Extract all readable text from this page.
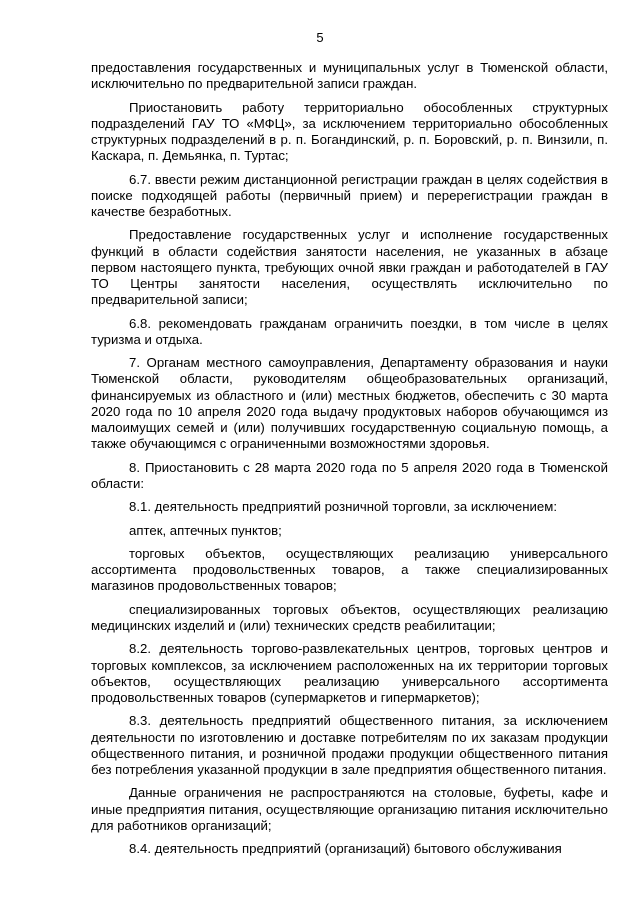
5

предоставления государственных и муниципальных услуг в Тюменской области, исключительно по предварительной записи граждан.

Приостановить работу территориально обособленных структурных подразделений ГАУ ТО «МФЦ», за исключением территориально обособленных структурных подразделений в р. п. Богандинский, р. п. Боровский, р. п. Винзили, п. Каскара, п. Демьянка, п. Туртас;

6.7. ввести режим дистанционной регистрации граждан в целях содействия в поиске подходящей работы (первичный прием) и перерегистрации граждан в качестве безработных.

Предоставление государственных услуг и исполнение государственных функций в области содействия занятости населения, не указанных в абзаце первом настоящего пункта, требующих очной явки граждан и работодателей в ГАУ ТО Центры занятости населения, осуществлять исключительно по предварительной записи;

6.8. рекомендовать гражданам ограничить поездки, в том числе в целях туризма и отдыха.

7. Органам местного самоуправления, Департаменту образования и науки Тюменской области, руководителям общеобразовательных организаций, финансируемых из областного и (или) местных бюджетов, обеспечить с 30 марта 2020 года по 10 апреля 2020 года выдачу продуктовых наборов обучающимся из малоимущих семей и (или) получивших государственную социальную помощь, а также обучающимся с ограниченными возможностями здоровья.

8. Приостановить с 28 марта 2020 года по 5 апреля 2020 года в Тюменской области:

8.1. деятельность предприятий розничной торговли, за исключением:

аптек, аптечных пунктов;

торговых объектов, осуществляющих реализацию универсального ассортимента продовольственных товаров, а также специализированных магазинов продовольственных товаров;

специализированных торговых объектов, осуществляющих реализацию медицинских изделий и (или) технических средств реабилитации;

8.2. деятельность торгово-развлекательных центров, торговых центров и торговых комплексов, за исключением расположенных на их территории торговых объектов, осуществляющих реализацию универсального ассортимента продовольственных товаров (супермаркетов и гипермаркетов);

8.3. деятельность предприятий общественного питания, за исключением деятельности по изготовлению и доставке потребителям по их заказам продукции общественного питания, и розничной продажи продукции общественного питания без потребления указанной продукции в зале предприятия общественного питания.

Данные ограничения не распространяются на столовые, буфеты, кафе и иные предприятия питания, осуществляющие организацию питания исключительно для работников организаций;

8.4. деятельность предприятий (организаций) бытового обслуживания
